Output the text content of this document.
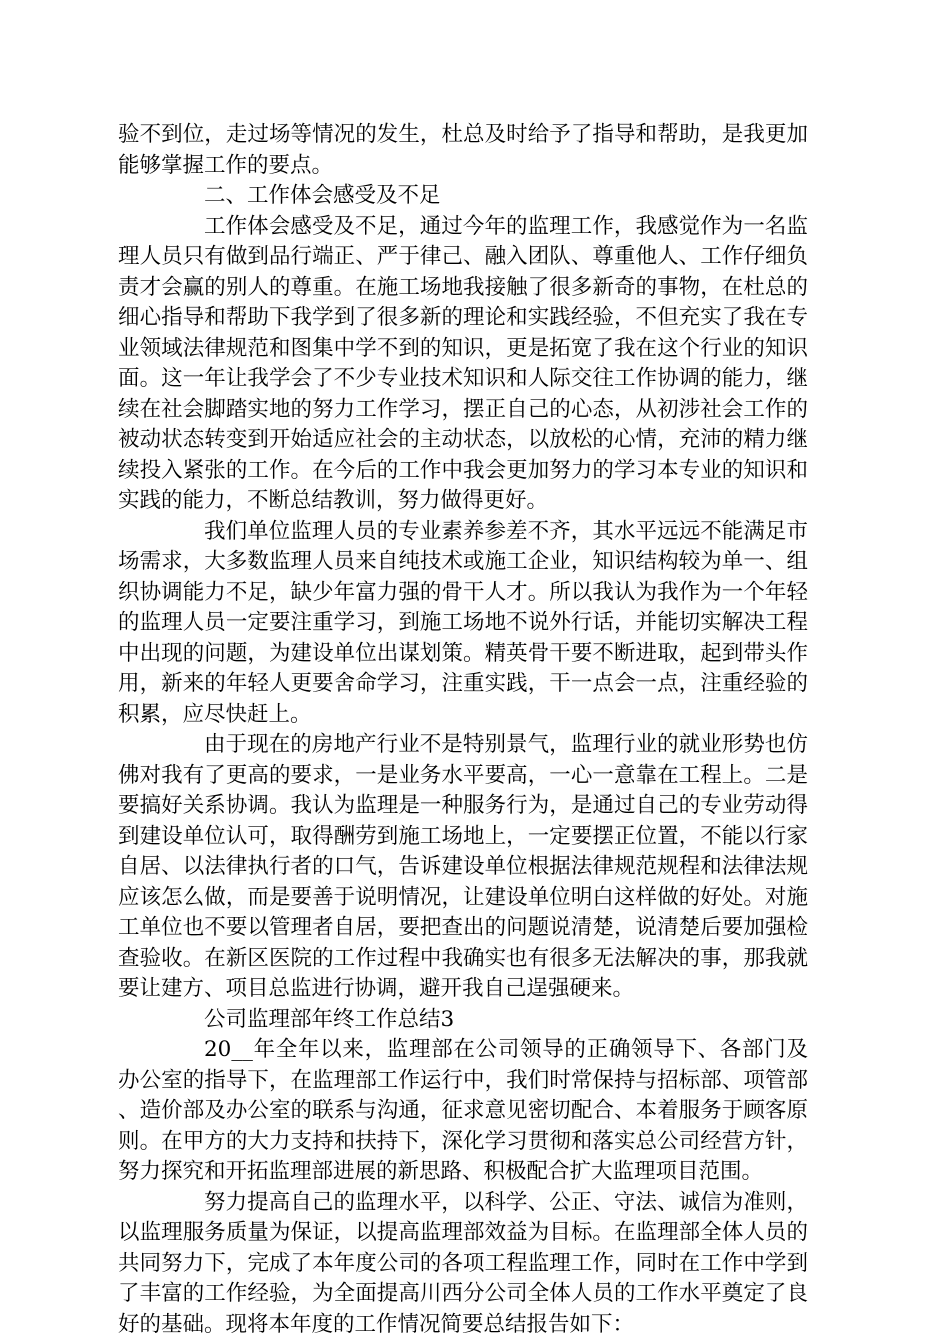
验不到位，走过场等情况的发生，杜总及时给予了指导和帮助，是我更加能够掌握工作的要点。

二、工作体会感受及不足

工作体会感受及不足，通过今年的监理工作，我感觉作为一名监理人员只有做到品行端正、严于律己、融入团队、尊重他人、工作仔细负责才会赢的别人的尊重。在施工场地我接触了很多新奇的事物，在杜总的细心指导和帮助下我学到了很多新的理论和实践经验，不但充实了我在专业领域法律规范和图集中学不到的知识，更是拓宽了我在这个行业的知识面。这一年让我学会了不少专业技术知识和人际交往工作协调的能力，继续在社会脚踏实地的努力工作学习，摆正自己的心态，从初涉社会工作的被动状态转变到开始适应社会的主动状态，以放松的心情，充沛的精力继续投入紧张的工作。在今后的工作中我会更加努力的学习本专业的知识和实践的能力，不断总结教训，努力做得更好。

我们单位监理人员的专业素养参差不齐，其水平远远不能满足市场需求，大多数监理人员来自纯技术或施工企业，知识结构较为单一、组织协调能力不足，缺少年富力强的骨干人才。所以我认为我作为一个年轻的监理人员一定要注重学习，到施工场地不说外行话，并能切实解决工程中出现的问题，为建设单位出谋划策。精英骨干要不断进取，起到带头作用，新来的年轻人更要舍命学习，注重实践，干一点会一点，注重经验的积累，应尽快赶上。

由于现在的房地产行业不是特别景气，监理行业的就业形势也仿佛对我有了更高的要求，一是业务水平要高，一心一意靠在工程上。二是要搞好关系协调。我认为监理是一种服务行为，是通过自己的专业劳动得到建设单位认可，取得酬劳到施工场地上，一定要摆正位置，不能以行家自居、以法律执行者的口气，告诉建设单位根据法律规范规程和法律法规应该怎么做，而是要善于说明情况，让建设单位明白这样做的好处。对施工单位也不要以管理者自居，要把查出的问题说清楚，说清楚后要加强检查验收。在新区医院的工作过程中我确实也有很多无法解决的事，那我就要让建方、项目总监进行协调，避开我自己逞强硬来。

公司监理部年终工作总结3

20__年全年以来，监理部在公司领导的正确领导下、各部门及办公室的指导下，在监理部工作运行中，我们时常保持与招标部、项管部、造价部及办公室的联系与沟通，征求意见密切配合、本着服务于顾客原则。在甲方的大力支持和扶持下，深化学习贯彻和落实总公司经营方针，努力探究和开拓监理部进展的新思路、积极配合扩大监理项目范围。

努力提高自己的监理水平，以科学、公正、守法、诚信为准则，以监理服务质量为保证，以提高监理部效益为目标。在监理部全体人员的共同努力下，完成了本年度公司的各项工程监理工作，同时在工作中学到了丰富的工作经验，为全面提高川西分公司全体人员的工作水平奠定了良好的基础。现将本年度的工作情况简要总结报告如下：
